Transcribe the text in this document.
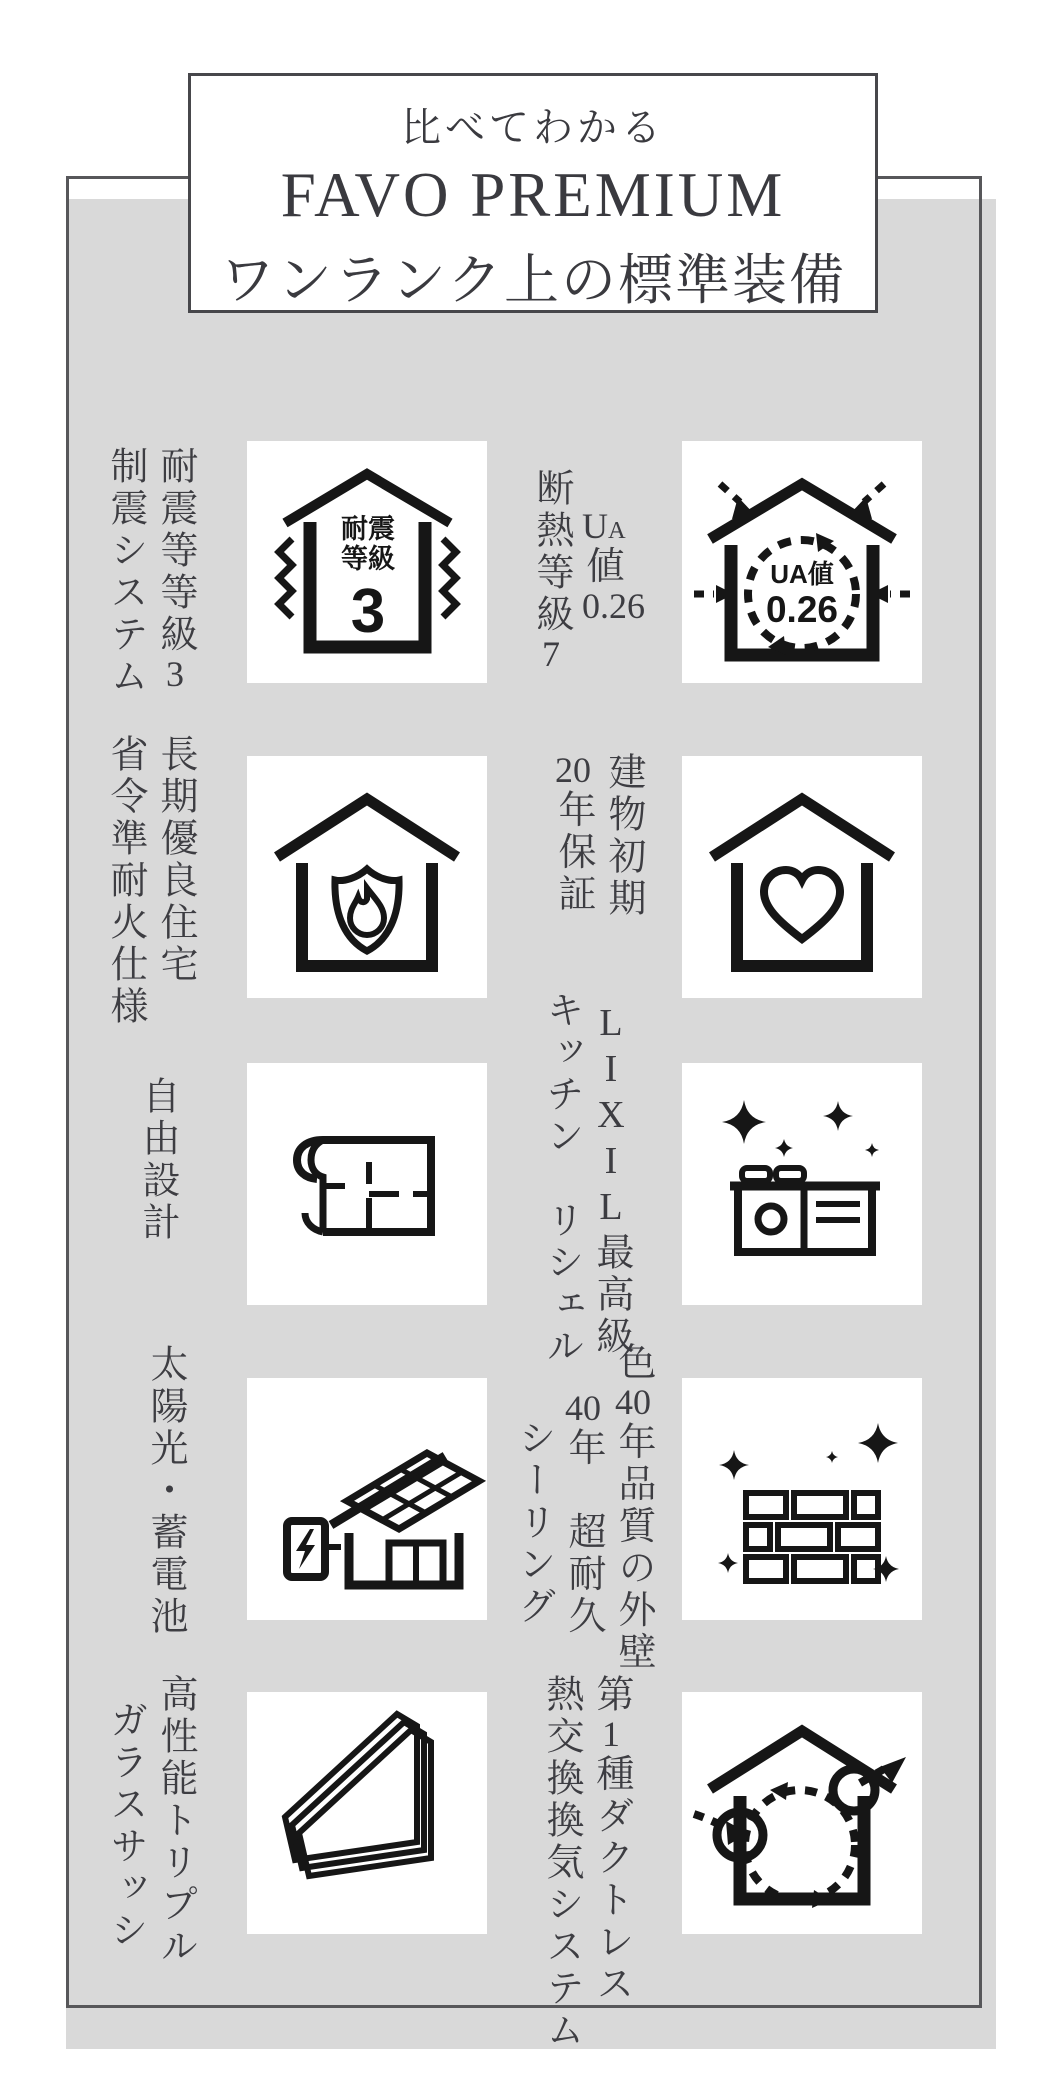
比べてわかる
FAVO PREMIUM
ワンランク上の標準装備
耐震等等級3
制震システム	耐震
等級
3
UA値0.26
断熱等級7
UA値
0.26
長期優良住宅
省令準耐火仕様	建物初期
20年保証
自由設計	LIXIL最高級
キッチン　リシェル
太陽光・蓄電池	色40年品質の外壁
40年　超耐久
シーリング
高性能トリプル
ガラスサッシ
第1種ダクトレス
熱交換換気システム
